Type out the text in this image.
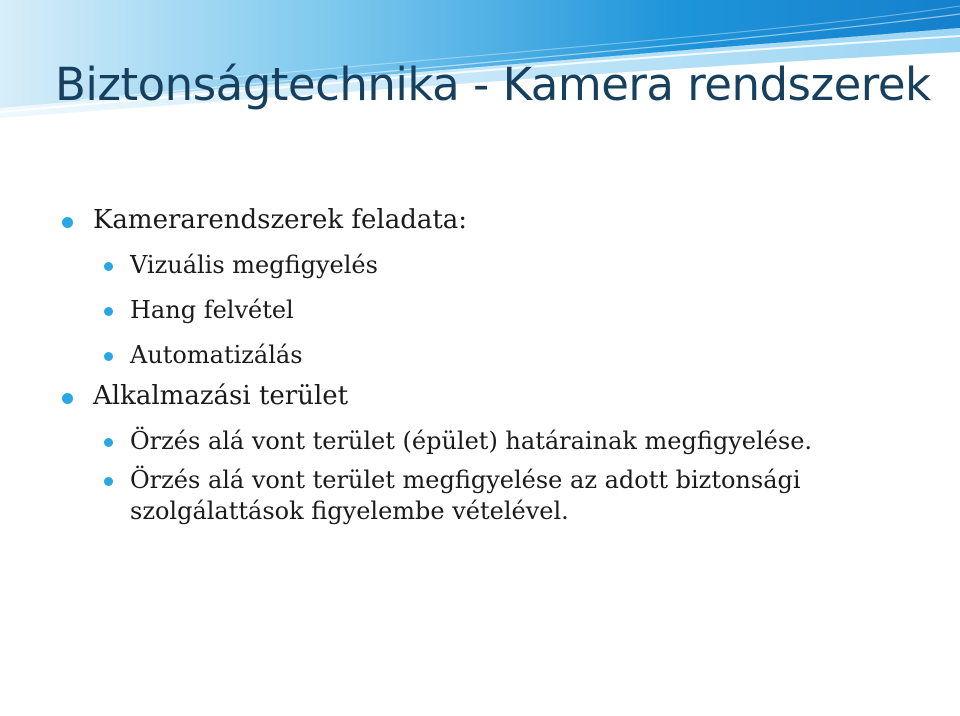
Biztonságtechnika - Kamera rendszerek
Kamerarendszerek feladata:
Vizuális megfigyelés
Hang felvétel
Automatizálás
Alkalmazási terület
Örzés alá vont terület (épület) határainak megfigyelése.
Örzés alá vont terület megfigyelése az adott biztonsági szolgálattások figyelembe vételével.
